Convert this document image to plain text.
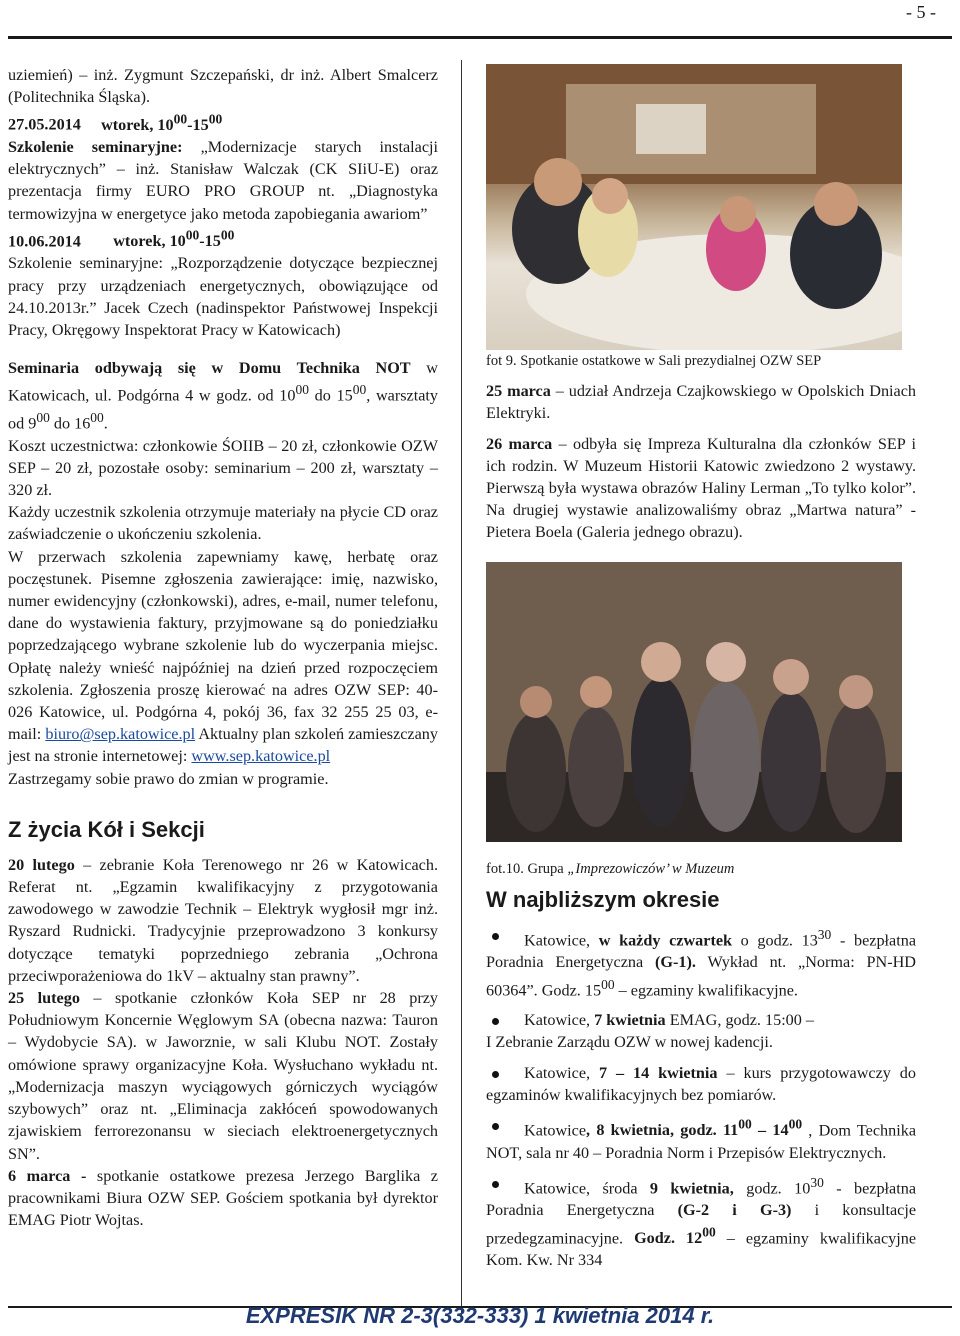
- 5 -

uziemień) – inż. Zygmunt Szczepański, dr inż. Albert Smalcerz (Politechnika Śląska).

27.05.2014 wtorek, $10^{00}-15^{00}$

Szkolenie seminaryjne: „Modernizacje starych instalacji elektrycznych” – inż. Stanisław Walczak (CK SIiU-E) oraz prezentacja firmy EURO PRO GROUP nt. „Diagnostyka termowizyjna w energetyce jako metoda zapobiegania awariom”

10.06.2014 wtorek, $10^{00}-15^{00}$

Szkolenie seminaryjne: „Rozporządzenie dotyczące bezpiecznej pracy przy urządzeniach energetycznych, obowiązujące od 24.10.2013r.” Jacek Czech (nadinspektor Państwowej Inspekcji Pracy, Okręgowy Inspektorat Pracy w Katowicach)

Seminaria odbywają się w Domu Technika NOT w Katowicach, ul. Podgórna 4 w godz. od $10^{00}$ do $15^{00}$, warsztaty od $9^{00}$ do $16^{00}$.

Koszt uczestnictwa: członkowie ŚOIIB – 20 zł, członkowie OZW SEP – 20 zł, pozostałe osoby: seminarium – 200 zł, warsztaty – 320 zł.

Każdy uczestnik szkolenia otrzymuje materiały na płycie CD oraz zaświadczenie o ukończeniu szkolenia.

W przerwach szkolenia zapewniamy kawę, herbatę oraz poczęstunek. Pisemne zgłoszenia zawierające: imię, nazwisko, numer ewidencyjny (członkowski), adres, e-mail, numer telefonu, dane do wystawienia faktury, przyjmowane są do poniedziałku poprzedzającego wybrane szkolenie lub do wyczerpania miejsc. Opłatę należy wnieść najpóźniej na dzień przed rozpoczęciem szkolenia. Zgłoszenia proszę kierować na adres OZW SEP: 40-026 Katowice, ul. Podgórna 4, pokój 36, fax 32 255 25 03, e-mail: biuro@sep.katowice.pl Aktualny plan szkoleń zamieszczany jest na stronie internetowej: www.sep.katowice.pl

Zastrzegamy sobie prawo do zmian w programie.

Z życia Kół i Sekcji

20 lutego – zebranie Koła Terenowego nr 26 w Katowicach. Referat nt. „Egzamin kwalifikacyjny z przygotowania zawodowego w zawodzie Technik – Elektryk wygłosił mgr inż. Ryszard Rudnicki. Tradycyjnie przeprowadzono 3 konkursy dotyczące tematyki poprzedniego zebrania „Ochrona przeciwporażeniowa do 1kV – aktualny stan prawny”.

25 lutego – spotkanie członków Koła SEP nr 28 przy Południowym Koncernie Węglowym SA (obecna nazwa: Tauron – Wydobycie SA). w Jaworznie, w sali Klubu NOT. Zostały omówione sprawy organizacyjne Koła. Wysłuchano wykładu nt. „Modernizacja maszyn wyciągowych górniczych wyciągów szybowych” oraz nt. „Eliminacja zakłóceń spowodowanych zjawiskiem ferrorezonansu w sieciach elektroenergetycznych SN”.

6 marca - spotkanie ostatkowe prezesa Jerzego Barglika z pracownikami Biura OZW SEP. Gościem spotkania był dyrektor EMAG Piotr Wojtas.

fot 9. Spotkanie ostatkowe w Sali prezydialnej OZW SEP

25 marca – udział Andrzeja Czajkowskiego w Opolskich Dniach Elektryki.

26 marca – odbyła się Impreza Kulturalna dla członków SEP i ich rodzin. W Muzeum Historii Katowic zwiedzono 2 wystawy. Pierwszą była wystawa obrazów Haliny Lerman „To tylko kolor”. Na drugiej wystawie analizowaliśmy obraz „Martwa natura” - Pietera Boela (Galeria jednego obrazu).

fot.10. Grupa „Imprezowiczów’ w Muzeum
W najbliższym okresie
Katowice, w każdy czwartek o godz. $13^{30}$ - bezpłatna Poradnia Energetyczna (G-1). Wykład nt. „Norma: PN-HD 60364”. Godz. $15^{00}$ – egzaminy kwalifikacyjne.
Katowice, 7 kwietnia EMAG, godz. 15:00 –
I Zebranie Zarządu OZW w nowej kadencji.
Katowice, 7 – 14 kwietnia – kurs przygotowawczy do egzaminów kwalifikacyjnych bez pomiarów.
Katowice, 8 kwietnia, godz. $11^{00} - 14^{00}$ , Dom Technika NOT, sala nr 40 – Poradnia Norm i Przepisów Elektrycznych.
Katowice, środa 9 kwietnia, godz. $10^{30}$ - bezpłatna Poradnia Energetyczna (G-2 i G-3) i konsultacje przedegzaminacyjne. Godz. $12^{00}$ – egzaminy kwalifikacyjne Kom. Kw. Nr 334
EXPRESIK NR 2-3(332-333) 1 kwietnia 2014 r.
